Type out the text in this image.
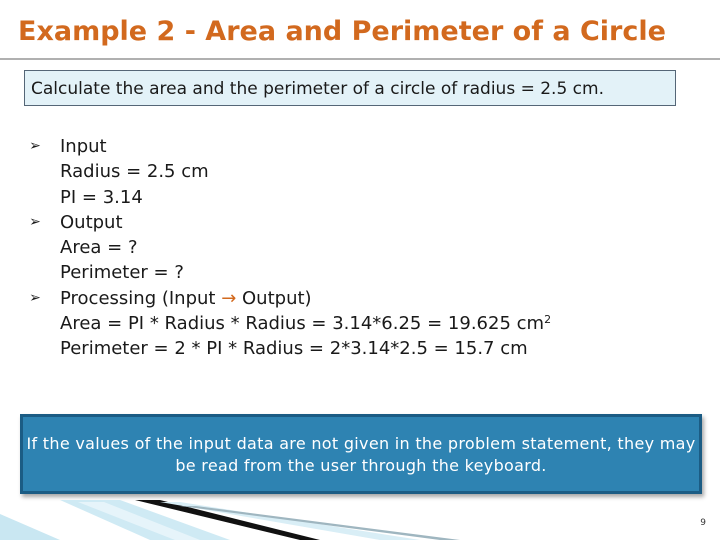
Example 2 - Area and Perimeter of a Circle
Calculate the area and the perimeter of a circle of radius = 2.5 cm.
➢ Input
Radius = 2.5 cm
PI = 3.14
➢ Output
Area = ?
Perimeter = ?
➢ Processing (Input → Output)
Area = PI * Radius * Radius = 3.14*6.25 = 19.625 $cm^2$
Perimeter = 2 * PI * Radius = 2*3.14*2.5 = 15.7 cm
If the values of the input data are not given in the problem statement, they may be read from the user through the keyboard.
9
